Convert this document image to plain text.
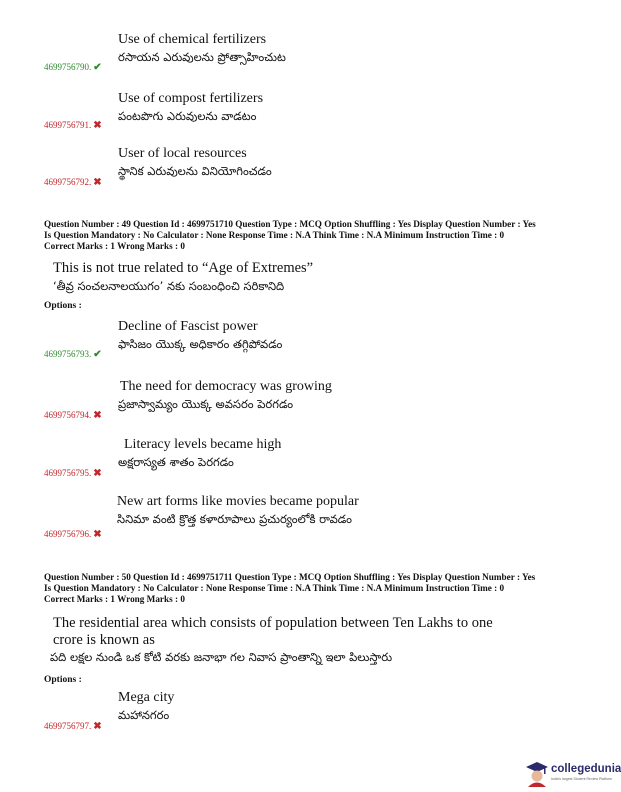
Use of chemical fertilizers
రసాయన ఎరువులను ప్రోత్సాహించుట
4699756790. ✔
Use of compost fertilizers
పంటపొగు ఎరువులను వాడటం
4699756791. ✖
User of local resources
స్థానిక ఎరువులను వినియోగించడం
4699756792. ✖
Question Number : 49 Question Id : 4699751710 Question Type : MCQ Option Shuffling : Yes Display Question Number : Yes
Is Question Mandatory : No Calculator : None Response Time : N.A Think Time : N.A Minimum Instruction Time : 0
Correct Marks : 1 Wrong Marks : 0
This is not true related to “Age of Extremes”
‘తీవ్ర సంచలనాలయుగం’ నకు సంబంధించి సరికానిది
Options :
Decline of Fascist power
ఫాసిజం యొక్క అధికారం తగ్గిపోవడం
4699756793. ✔
The need for democracy was growing
ప్రజాస్వామ్యం యొక్క అవసరం పెరగడం
4699756794. ✖
Literacy levels became high
అక్షరాస్యత శాతం పెరగడం
4699756795. ✖
New art forms like movies became popular
సినిమా వంటి క్రొత్త కళారూపాలు ప్రచుర్యంలోకి రావడం
4699756796. ✖
Question Number : 50 Question Id : 4699751711 Question Type : MCQ Option Shuffling : Yes Display Question Number : Yes
Is Question Mandatory : No Calculator : None Response Time : N.A Think Time : N.A Minimum Instruction Time : 0
Correct Marks : 1 Wrong Marks : 0
The residential area which consists of population between Ten Lakhs to one
crore is known as
పది లక్షల నుండి ఒక కోటి వరకు జనాభా గల నివాస ప్రాంతాన్ని ఇలా పిలుస్తారు
Options :
Mega city
మహానగరం
4699756797. ✖
collegedunia
India's largest Student Review Platform
